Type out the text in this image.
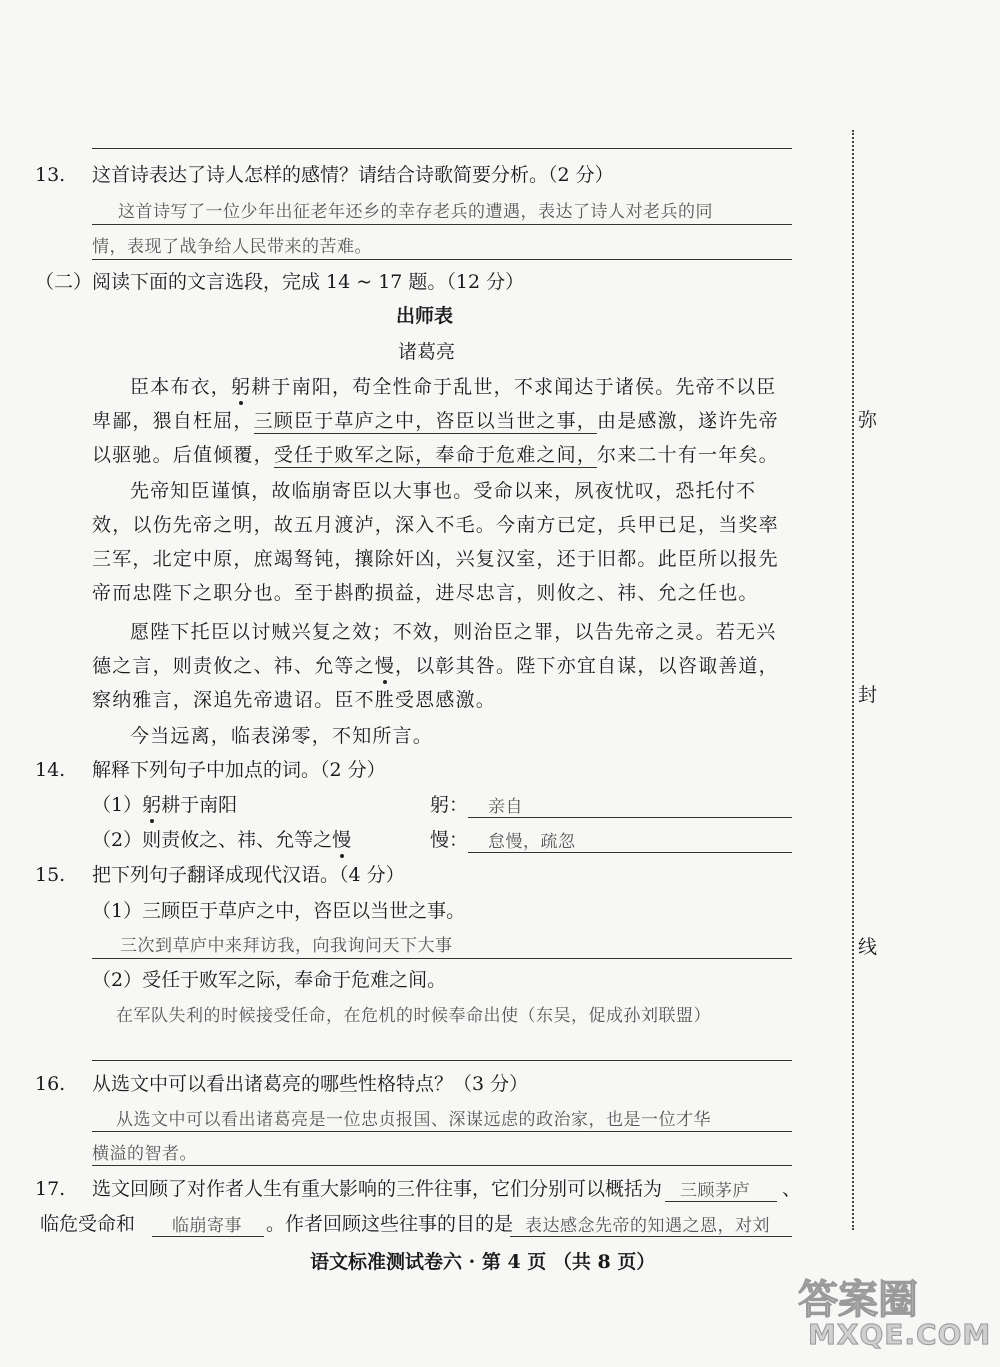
弥
封
线
13. 这首诗表达了诗人怎样的感情？请结合诗歌简要分析。（2 分）
这首诗写了一位少年出征老年还乡的幸存老兵的遭遇，表达了诗人对老兵的同
情，表现了战争给人民带来的苦难。
（二）阅读下面的文言选段，完成 14 ~ 17 题。（12 分）
出师表
诸葛亮
臣本布衣，躬耕于南阳，苟全性命于乱世，不求闻达于诸侯。先帝不以臣卑鄙，猥自枉屈，三顾臣于草庐之中，咨臣以当世之事，由是感激，遂许先帝以驱驰。后值倾覆，受任于败军之际，奉命于危难之间，尔来二十有一年矣。
先帝知臣谨慎，故临崩寄臣以大事也。受命以来，夙夜忧叹，恐托付不效，以伤先帝之明，故五月渡泸，深入不毛。今南方已定，兵甲已足，当奖率三军，北定中原，庶竭驽钝，攘除奸凶，兴复汉室，还于旧都。此臣所以报先帝而忠陛下之职分也。至于斟酌损益，进尽忠言，则攸之、祎、允之任也。
愿陛下托臣以讨贼兴复之效；不效，则治臣之罪，以告先帝之灵。若无兴德之言，则责攸之、祎、允等之慢，以彰其咎。陛下亦宜自谋，以咨诹善道，察纳雅言，深追先帝遗诏。臣不胜受恩感激。
今当远离，临表涕零，不知所言。
14. 解释下列句子中加点的词。（2 分）
（1）躬耕于南阳	躬： 亲自
（2）则责攸之、祎、允等之慢	慢： 怠慢，疏忽
15. 把下列句子翻译成现代汉语。（4 分）
（1）三顾臣于草庐之中，咨臣以当世之事。
三次到草庐中来拜访我，向我询问天下大事
（2）受任于败军之际，奉命于危难之间。
在军队失利的时候接受任命，在危机的时候奉命出使（东吴，促成孙刘联盟）
16. 从选文中可以看出诸葛亮的哪些性格特点？（3 分）
从选文中可以看出诸葛亮是一位忠贞报国、深谋远虑的政治家，也是一位才华
横溢的智者。
17. 选文回顾了对作者人生有重大影响的三件往事，它们分别可以概括为 三顾茅庐 、
临危受命和 临崩寄事 。作者回顾这些往事的目的是 表达感念先帝的知遇之恩，对刘
语文标准测试卷六 · 第 4 页 （共 8 页）
答案圈
MXQE.COM
